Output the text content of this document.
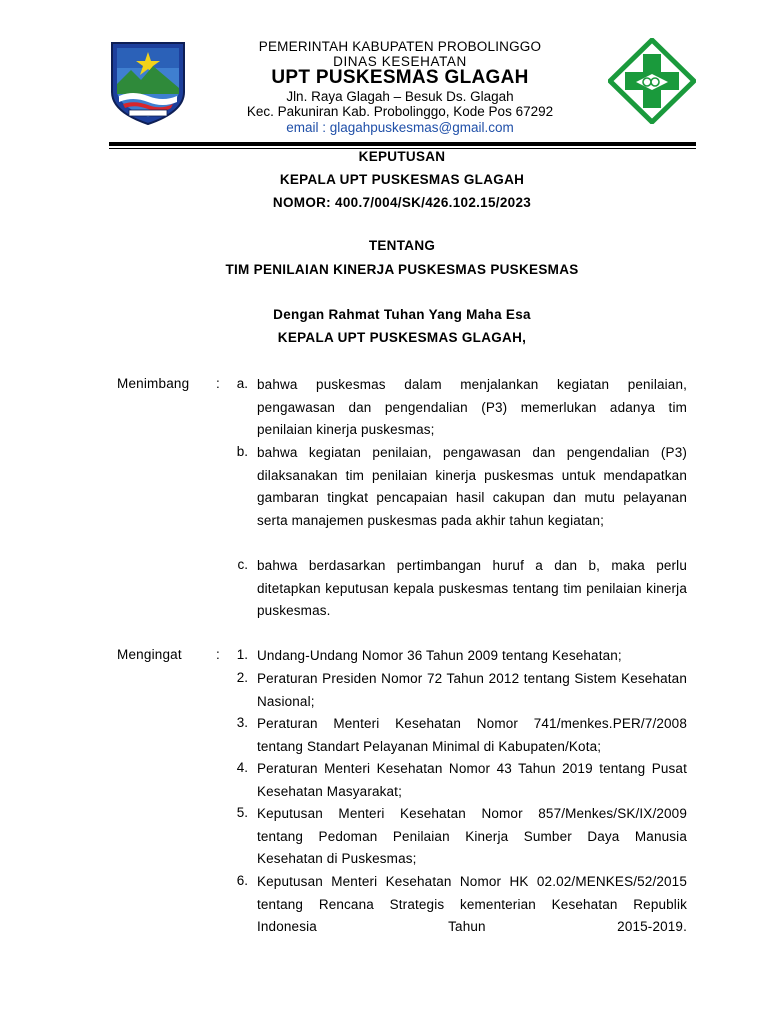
PEMERINTAH KABUPATEN PROBOLINGGO
DINAS KESEHATAN
UPT PUSKESMAS GLAGAH
Jln. Raya Glagah – Besuk Ds. Glagah
Kec. Pakuniran Kab. Probolinggo, Kode Pos 67292
email : glagahpuskesmas@gmail.com
KEPUTUSAN
KEPALA UPT PUSKESMAS GLAGAH
NOMOR: 400.7/004/SK/426.102.15/2023
TENTANG
TIM PENILAIAN KINERJA PUSKESMAS PUSKESMAS
Dengan Rahmat Tuhan Yang Maha Esa
KEPALA UPT PUSKESMAS GLAGAH,
Menimbang :	a. bahwa puskesmas dalam menjalankan kegiatan penilaian, pengawasan dan pengendalian (P3) memerlukan adanya tim penilaian kinerja puskesmas;
b. bahwa kegiatan penilaian, pengawasan dan pengendalian (P3) dilaksanakan tim penilaian kinerja puskesmas untuk mendapatkan gambaran tingkat pencapaian hasil cakupan dan mutu pelayanan serta manajemen puskesmas pada akhir tahun kegiatan;
c. bahwa berdasarkan pertimbangan huruf a dan b, maka perlu ditetapkan keputusan kepala puskesmas tentang tim penilaian kinerja puskesmas.
Mengingat	:	1. Undang-Undang Nomor 36 Tahun 2009 tentang Kesehatan;
2. Peraturan Presiden Nomor 72 Tahun 2012 tentang Sistem Kesehatan Nasional;
3. Peraturan Menteri Kesehatan Nomor 741/menkes.PER/7/2008 tentang Standart Pelayanan Minimal di Kabupaten/Kota;
4. Peraturan Menteri Kesehatan Nomor 43 Tahun 2019 tentang Pusat Kesehatan Masyarakat;
5. Keputusan Menteri Kesehatan Nomor 857/Menkes/SK/IX/2009 tentang Pedoman Penilaian Kinerja Sumber Daya Manusia Kesehatan di Puskesmas;
6. Keputusan Menteri Kesehatan Nomor HK 02.02/MENKES/52/2015 tentang Rencana Strategis kementerian Kesehatan Republik Indonesia Tahun 2015-2019.
